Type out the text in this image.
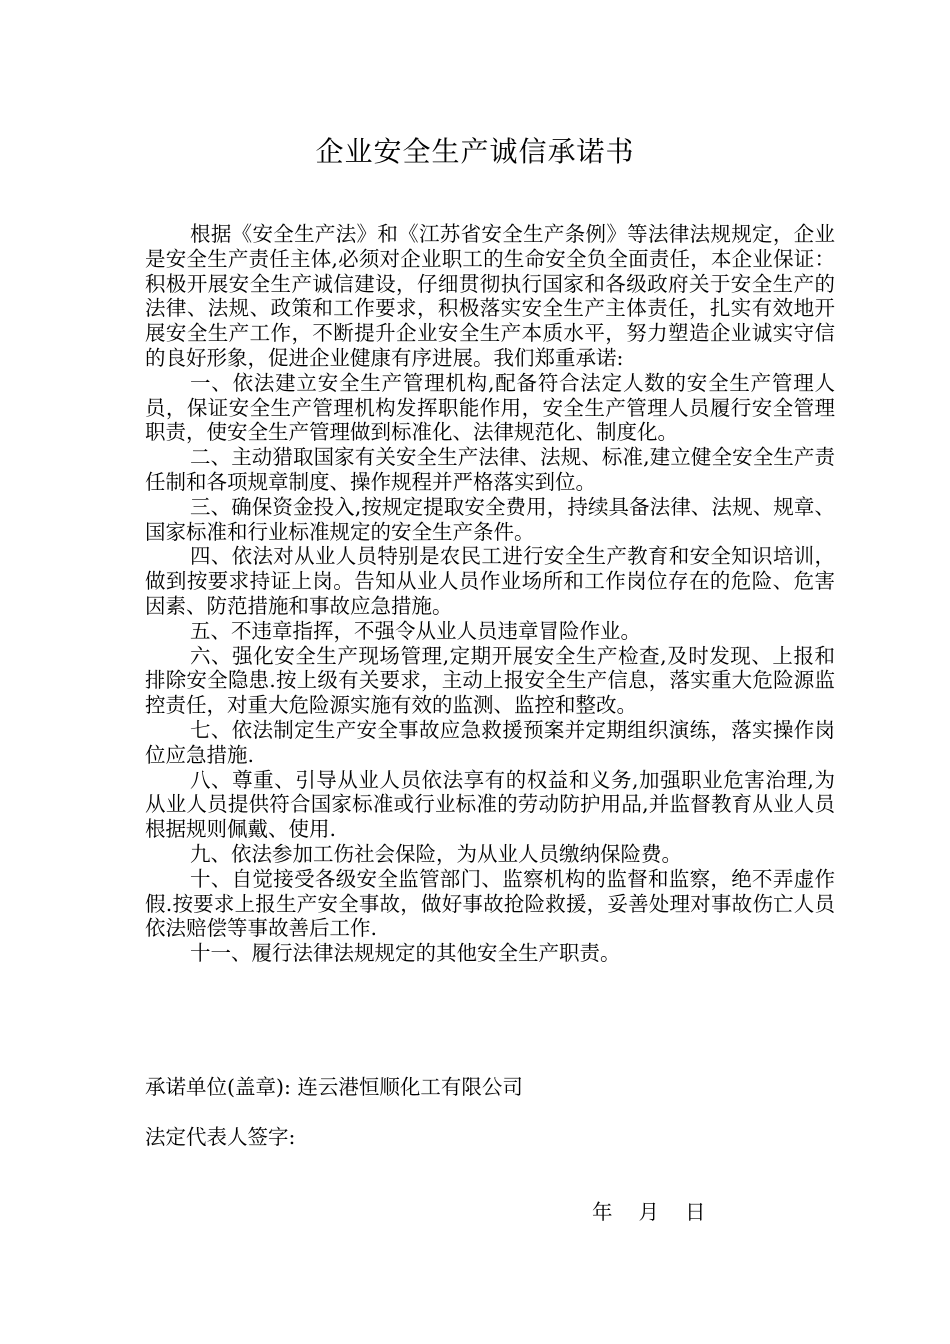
企业安全生产诚信承诺书

根据《安全生产法》和《江苏省安全生产条例》等法律法规规定，企业是安全生产责任主体,必须对企业职工的生命安全负全面责任，本企业保证：积极开展安全生产诚信建设，仔细贯彻执行国家和各级政府关于安全生产的法律、法规、政策和工作要求，积极落实安全生产主体责任，扎实有效地开展安全生产工作，不断提升企业安全生产本质水平，努力塑造企业诚实守信的良好形象，促进企业健康有序进展。我们郑重承诺:

一、依法建立安全生产管理机构,配备符合法定人数的安全生产管理人员，保证安全生产管理机构发挥职能作用，安全生产管理人员履行安全管理职责，使安全生产管理做到标准化、法律规范化、制度化。

二、主动猎取国家有关安全生产法律、法规、标准,建立健全安全生产责任制和各项规章制度、操作规程并严格落实到位。

三、确保资金投入,按规定提取安全费用，持续具备法律、法规、规章、国家标准和行业标准规定的安全生产条件。

四、依法对从业人员特别是农民工进行安全生产教育和安全知识培训，做到按要求持证上岗。告知从业人员作业场所和工作岗位存在的危险、危害因素、防范措施和事故应急措施。

五、不违章指挥，不强令从业人员违章冒险作业。

六、强化安全生产现场管理,定期开展安全生产检查,及时发现、上报和排除安全隐患.按上级有关要求，主动上报安全生产信息，落实重大危险源监控责任，对重大危险源实施有效的监测、监控和整改。

七、依法制定生产安全事故应急救援预案并定期组织演练，落实操作岗位应急措施.

八、尊重、引导从业人员依法享有的权益和义务,加强职业危害治理,为从业人员提供符合国家标准或行业标准的劳动防护用品,并监督教育从业人员根据规则佩戴、使用.

九、依法参加工伤社会保险，为从业人员缴纳保险费。

十、自觉接受各级安全监管部门、监察机构的监督和监察，绝不弄虚作假.按要求上报生产安全事故，做好事故抢险救援，妥善处理对事故伤亡人员依法赔偿等事故善后工作.

十一、履行法律法规规定的其他安全生产职责。

承诺单位(盖章): 连云港恒顺化工有限公司
法定代表人签字:
年 月 日
